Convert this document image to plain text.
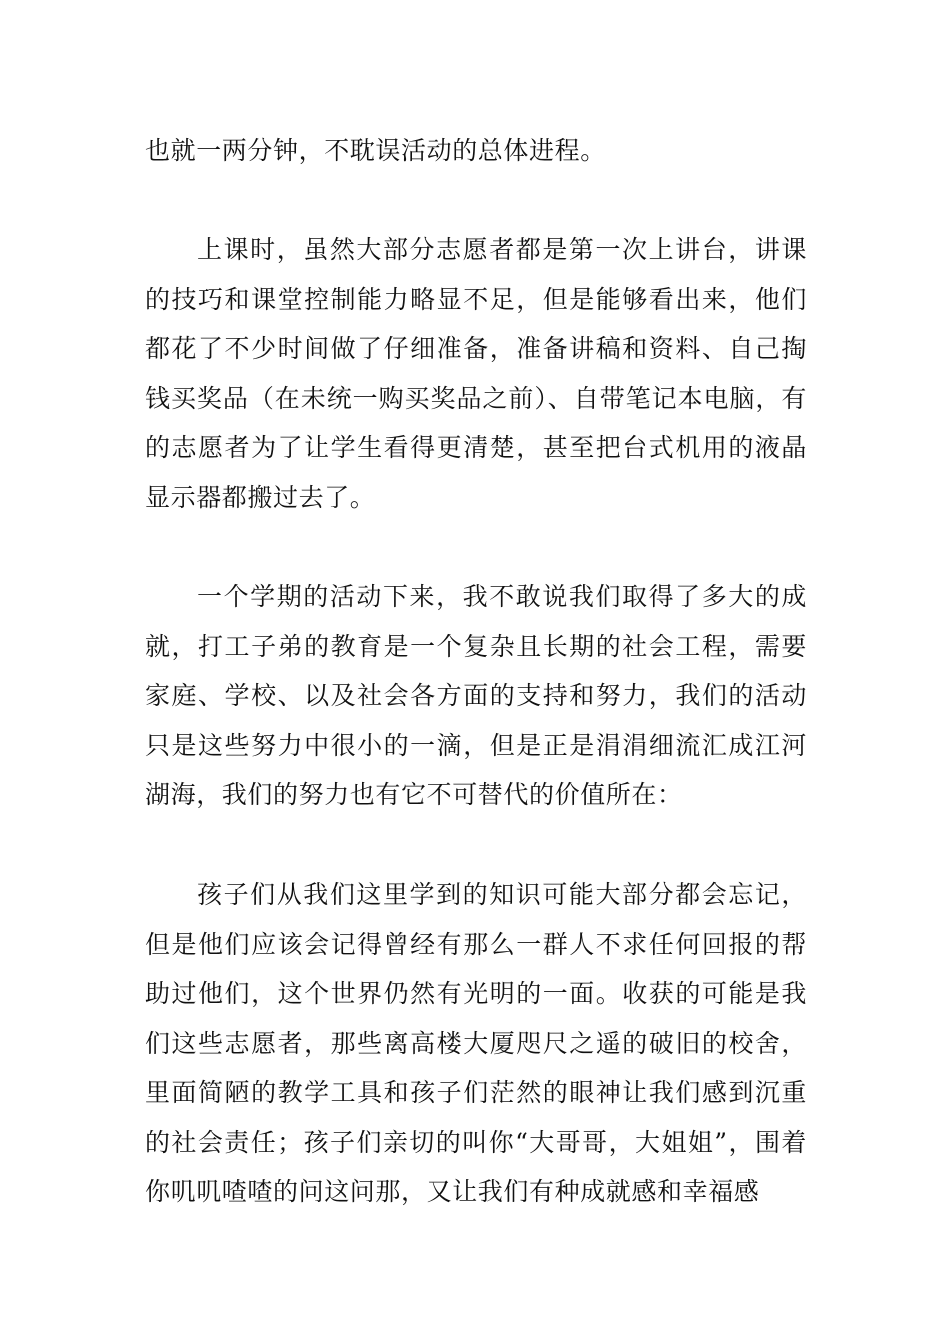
也就一两分钟，不耽误活动的总体进程。

上课时，虽然大部分志愿者都是第一次上讲台，讲课的技巧和课堂控制能力略显不足，但是能够看出来，他们都花了不少时间做了仔细准备，准备讲稿和资料、自己掏钱买奖品（在未统一购买奖品之前）、自带笔记本电脑，有的志愿者为了让学生看得更清楚，甚至把台式机用的液晶显示器都搬过去了。

一个学期的活动下来，我不敢说我们取得了多大的成就，打工子弟的教育是一个复杂且长期的社会工程，需要家庭、学校、以及社会各方面的支持和努力，我们的活动只是这些努力中很小的一滴，但是正是涓涓细流汇成江河湖海，我们的努力也有它不可替代的价值所在：

孩子们从我们这里学到的知识可能大部分都会忘记，但是他们应该会记得曾经有那么一群人不求任何回报的帮助过他们，这个世界仍然有光明的一面。收获的可能是我们这些志愿者，那些离高楼大厦咫尺之遥的破旧的校舍，里面简陋的教学工具和孩子们茫然的眼神让我们感到沉重的社会责任；孩子们亲切的叫你“大哥哥，大姐姐”，围着你叽叽喳喳的问这问那，又让我们有种成就感和幸福感
